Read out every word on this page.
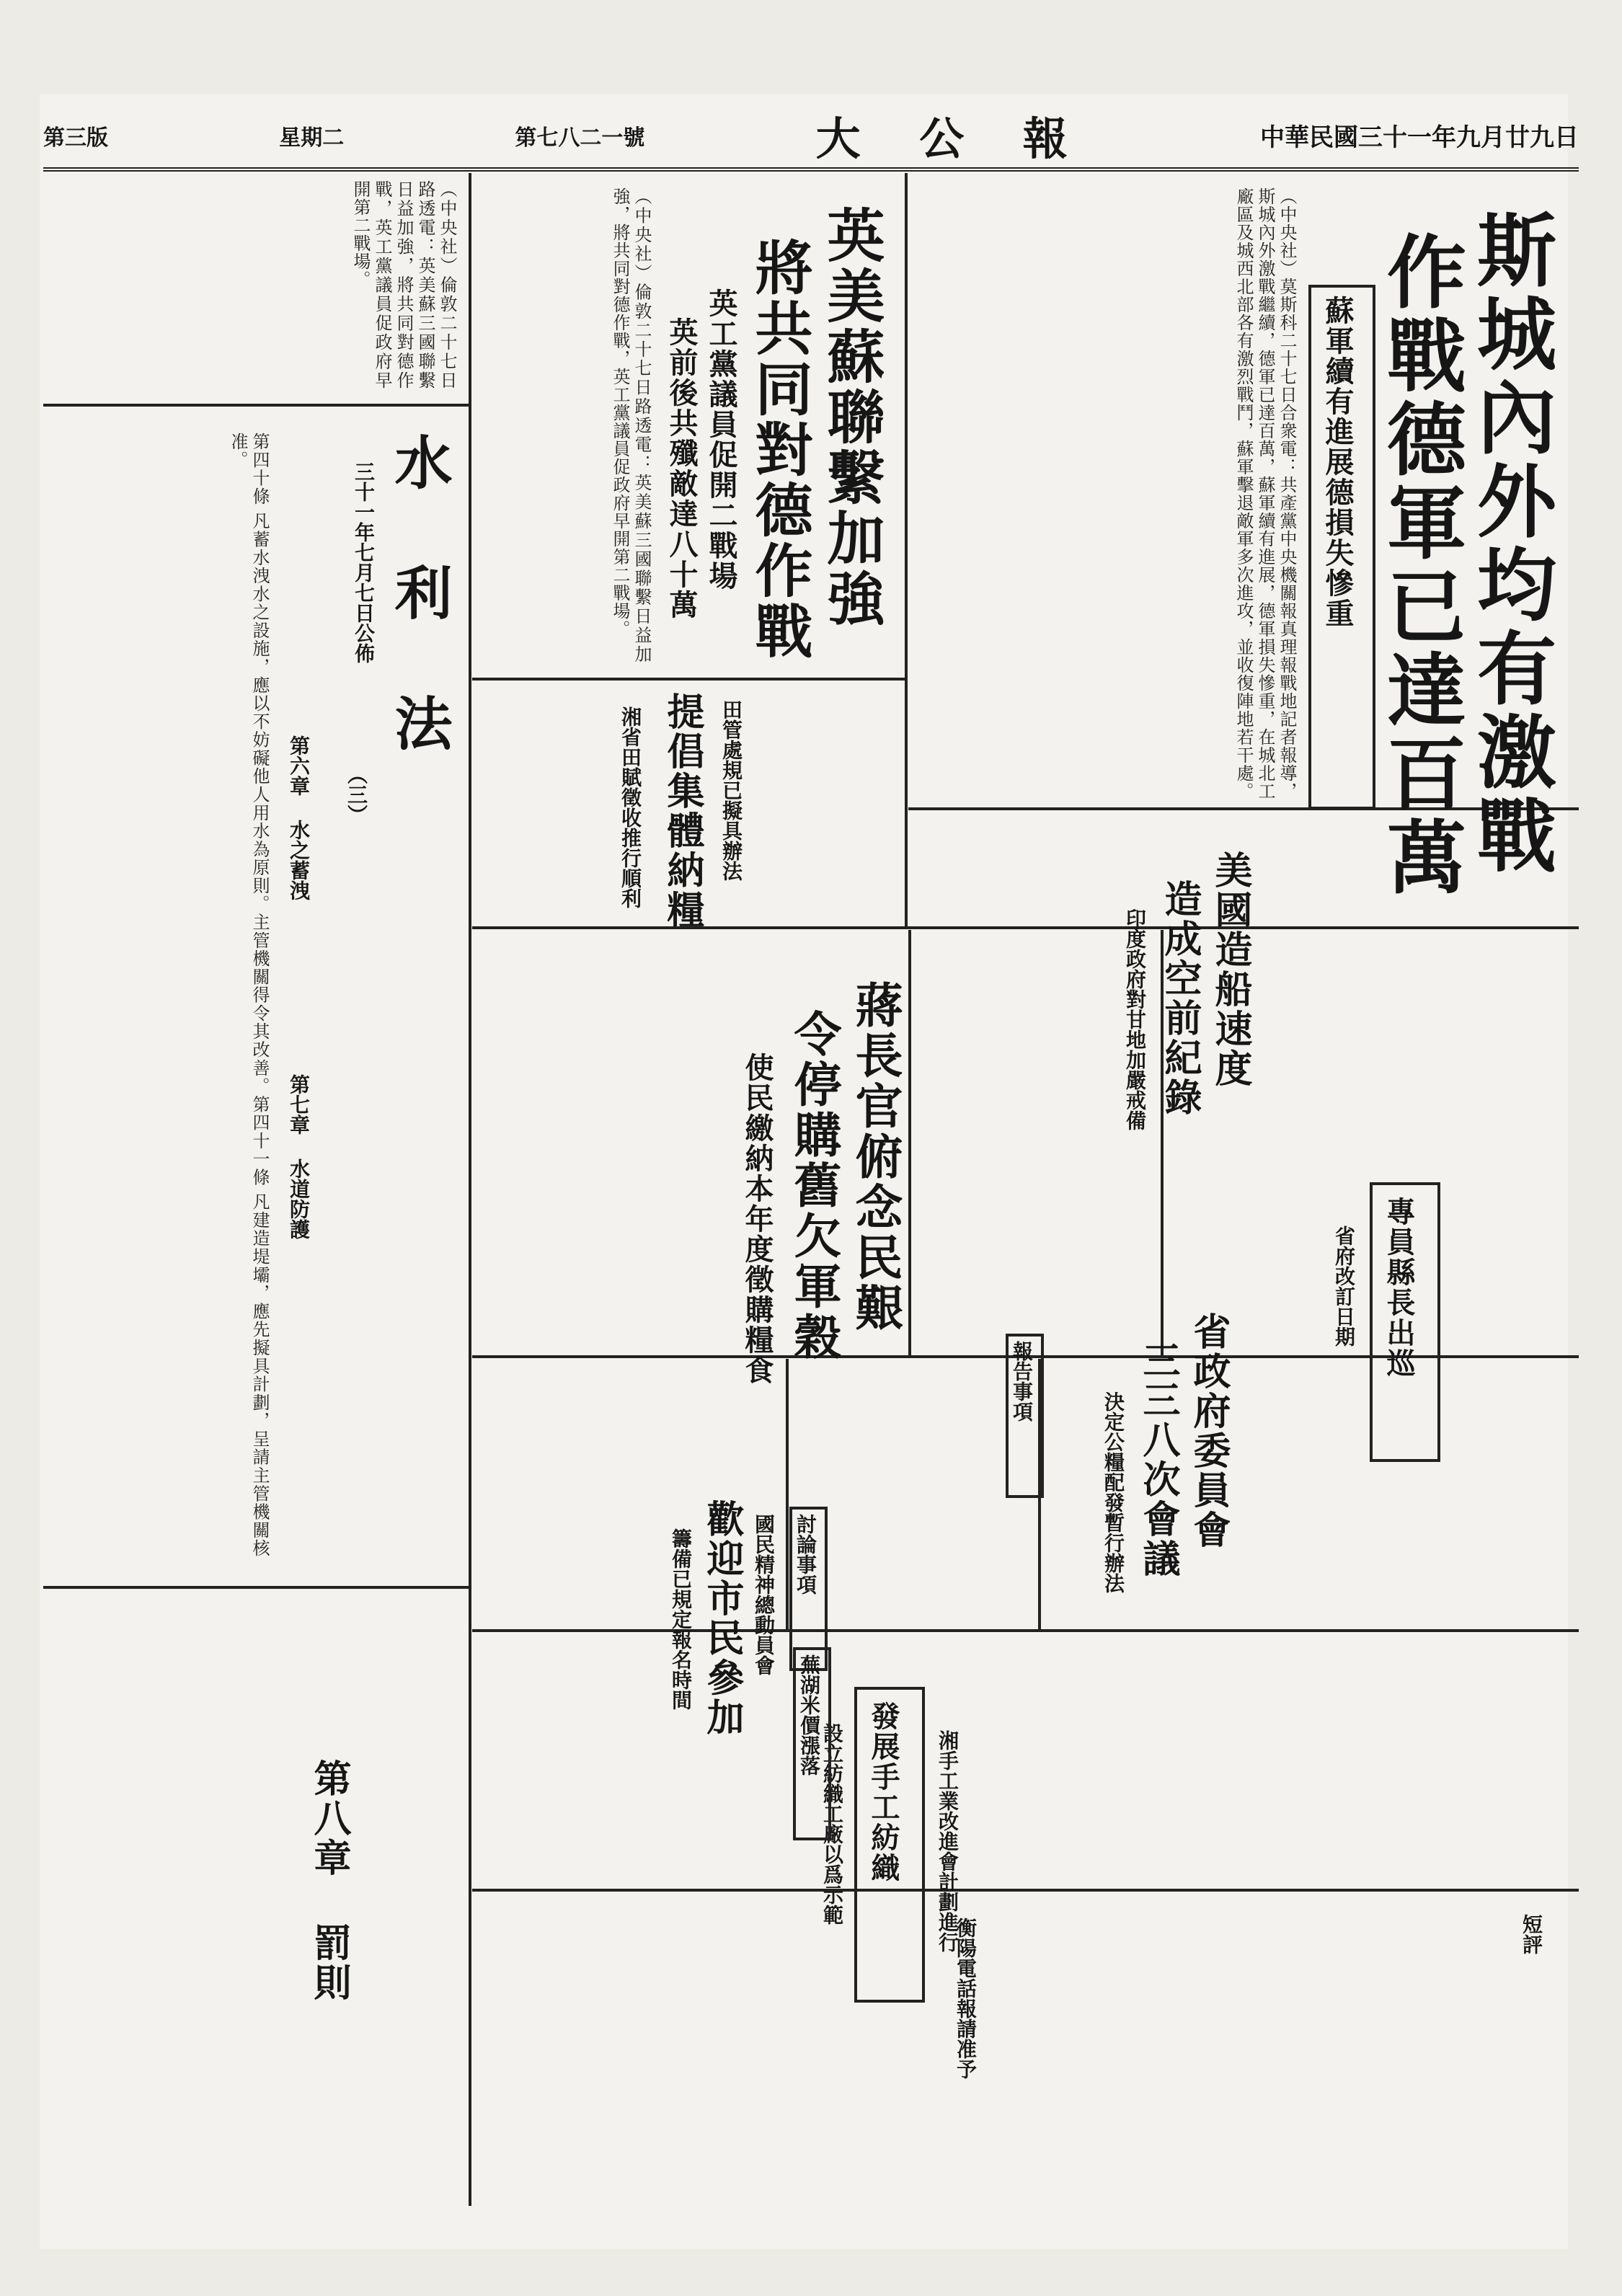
第三版	星期二	第七八二一號	大 公 報	中華民國三十一年九月廿九日
斯城內外均有激戰
作戰德軍已達百萬
蘇軍續有進展德損失慘重
（中央社）莫斯科二十七日合衆電：共產黨中央機關報真理報戰地記者報導，斯城內外激戰繼續，德軍已達百萬，蘇軍續有進展，德軍損失慘重，在城北工廠區及城西北部各有激烈戰鬥，蘇軍擊退敵軍多次進攻，並收復陣地若干處。
英美蘇聯繫加強
將共同對德作戰
英工黨議員促開二戰場
英前後共殲敵達八十萬
（中央社）倫敦二十七日路透電：英美蘇三國聯繫日益加強，將共同對德作戰，英工黨議員促政府早開第二戰場。
水 利 法
三十一年七月七日公佈
（三）
第六章 水之蓄洩
第七章 水道防護
第八章 罰則
第四十條 凡蓄水洩水之設施，應以不妨礙他人用水為原則。主管機關得令其改善。第四十一條 凡建造堤壩，應先擬具計劃，呈請主管機關核准。
（中央社）倫敦二十七日路透電：英美蘇三國聯繫日益加強，將共同對德作戰，英工黨議員促政府早開第二戰場。
美國造船速度
造成空前紀錄
印度政府對甘地加嚴戒備
蔣長官俯念民艱
令停購舊欠軍穀
使民繳納本年度徵購糧食
提倡集體納糧 田管處規已擬具辦法
湘省田賦徵收推行順利
專員縣長出巡
省府改訂日期
省政府委員會
三三八次會議
決定公糧配發暫行辦法
報告事項
討論事項
歡迎市民參加 國民精神總動員會
籌備已規定報名時間
發展手工紡織
設立紡織工廠以爲示範	湘手工業改進會計劃進行
蕪湖米價漲落
短評
衡陽電話報請准予
